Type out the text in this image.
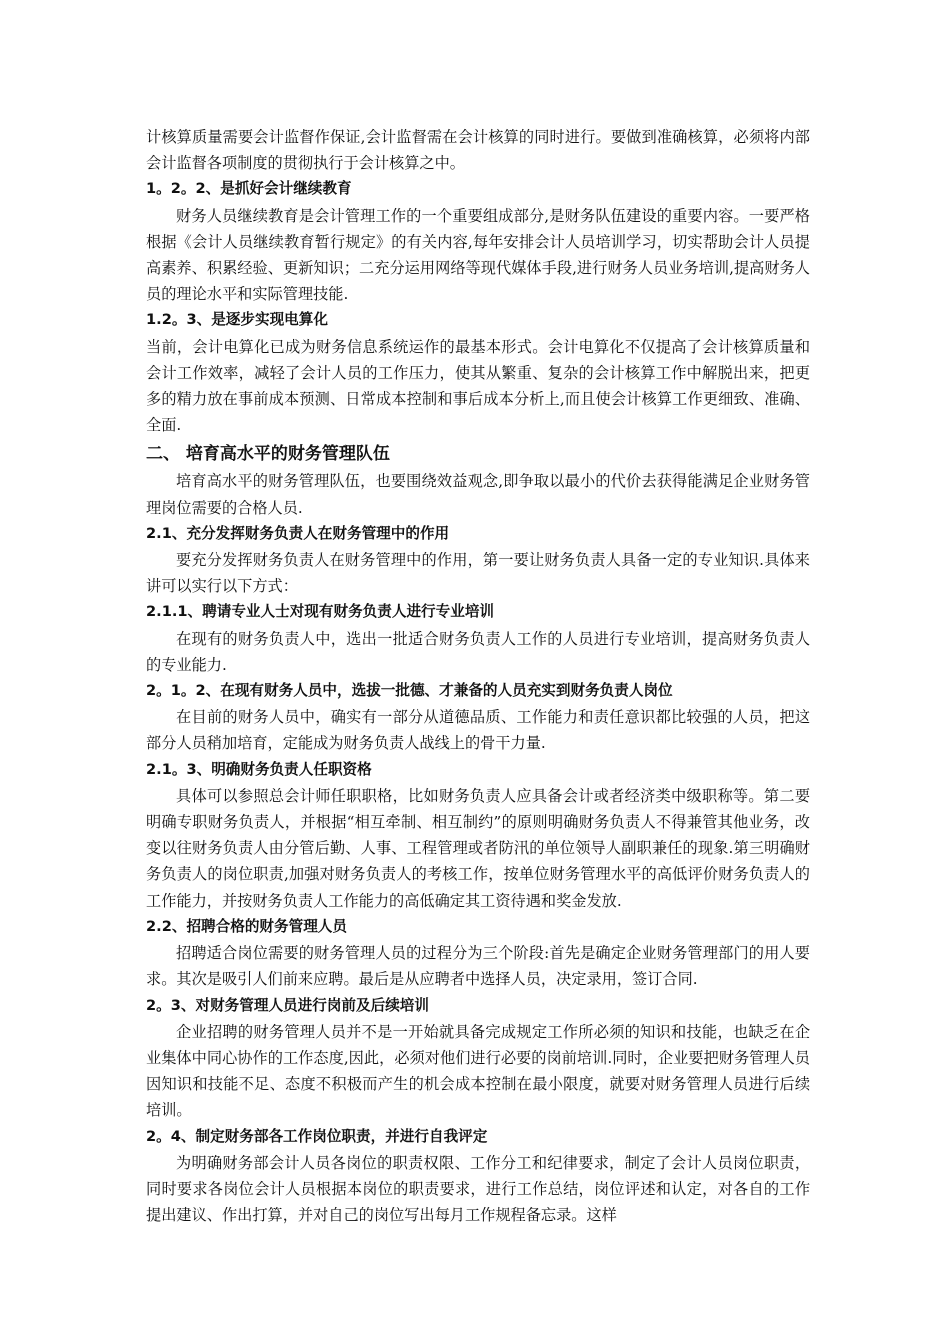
计核算质量需要会计监督作保证,会计监督需在会计核算的同时进行。要做到准确核算，必须将内部会计监督各项制度的贯彻执行于会计核算之中。

1。2。2、是抓好会计继续教育

财务人员继续教育是会计管理工作的一个重要组成部分,是财务队伍建设的重要内容。一要严格根据《会计人员继续教育暂行规定》的有关内容,每年安排会计人员培训学习，切实帮助会计人员提高素养、积累经验、更新知识；二充分运用网络等现代媒体手段,进行财务人员业务培训,提高财务人员的理论水平和实际管理技能.

1.2。3、是逐步实现电算化

当前，会计电算化已成为财务信息系统运作的最基本形式。会计电算化不仅提高了会计核算质量和会计工作效率，减轻了会计人员的工作压力，使其从繁重、复杂的会计核算工作中解脱出来，把更多的精力放在事前成本预测、日常成本控制和事后成本分析上,而且使会计核算工作更细致、准确、全面.

二、 培育高水平的财务管理队伍

培育高水平的财务管理队伍，也要围绕效益观念,即争取以最小的代价去获得能满足企业财务管理岗位需要的合格人员.

2.1、充分发挥财务负责人在财务管理中的作用

要充分发挥财务负责人在财务管理中的作用，第一要让财务负责人具备一定的专业知识.具体来讲可以实行以下方式：

2.1.1、聘请专业人士对现有财务负责人进行专业培训

在现有的财务负责人中，选出一批适合财务负责人工作的人员进行专业培训，提高财务负责人的专业能力.

2。1。2、在现有财务人员中，选拔一批德、才兼备的人员充实到财务负责人岗位

在目前的财务人员中，确实有一部分从道德品质、工作能力和责任意识都比较强的人员，把这部分人员稍加培育，定能成为财务负责人战线上的骨干力量.

2.1。3、明确财务负责人任职资格

具体可以参照总会计师任职职格，比如财务负责人应具备会计或者经济类中级职称等。第二要明确专职财务负责人，并根据“相互牵制、相互制约”的原则明确财务负责人不得兼管其他业务，改变以往财务负责人由分管后勤、人事、工程管理或者防汛的单位领导人副职兼任的现象.第三明确财务负责人的岗位职责,加强对财务负责人的考核工作，按单位财务管理水平的高低评价财务负责人的工作能力，并按财务负责人工作能力的高低确定其工资待遇和奖金发放.

2.2、招聘合格的财务管理人员

招聘适合岗位需要的财务管理人员的过程分为三个阶段:首先是确定企业财务管理部门的用人要求。其次是吸引人们前来应聘。最后是从应聘者中选择人员，决定录用，签订合同.

2。3、对财务管理人员进行岗前及后续培训

企业招聘的财务管理人员并不是一开始就具备完成规定工作所必须的知识和技能，也缺乏在企业集体中同心协作的工作态度,因此，必须对他们进行必要的岗前培训.同时，企业要把财务管理人员因知识和技能不足、态度不积极而产生的机会成本控制在最小限度，就要对财务管理人员进行后续培训。

2。4、制定财务部各工作岗位职责，并进行自我评定

为明确财务部会计人员各岗位的职责权限、工作分工和纪律要求，制定了会计人员岗位职责，同时要求各岗位会计人员根据本岗位的职责要求，进行工作总结，岗位评述和认定，对各自的工作提出建议、作出打算，并对自己的岗位写出每月工作规程备忘录。这样
